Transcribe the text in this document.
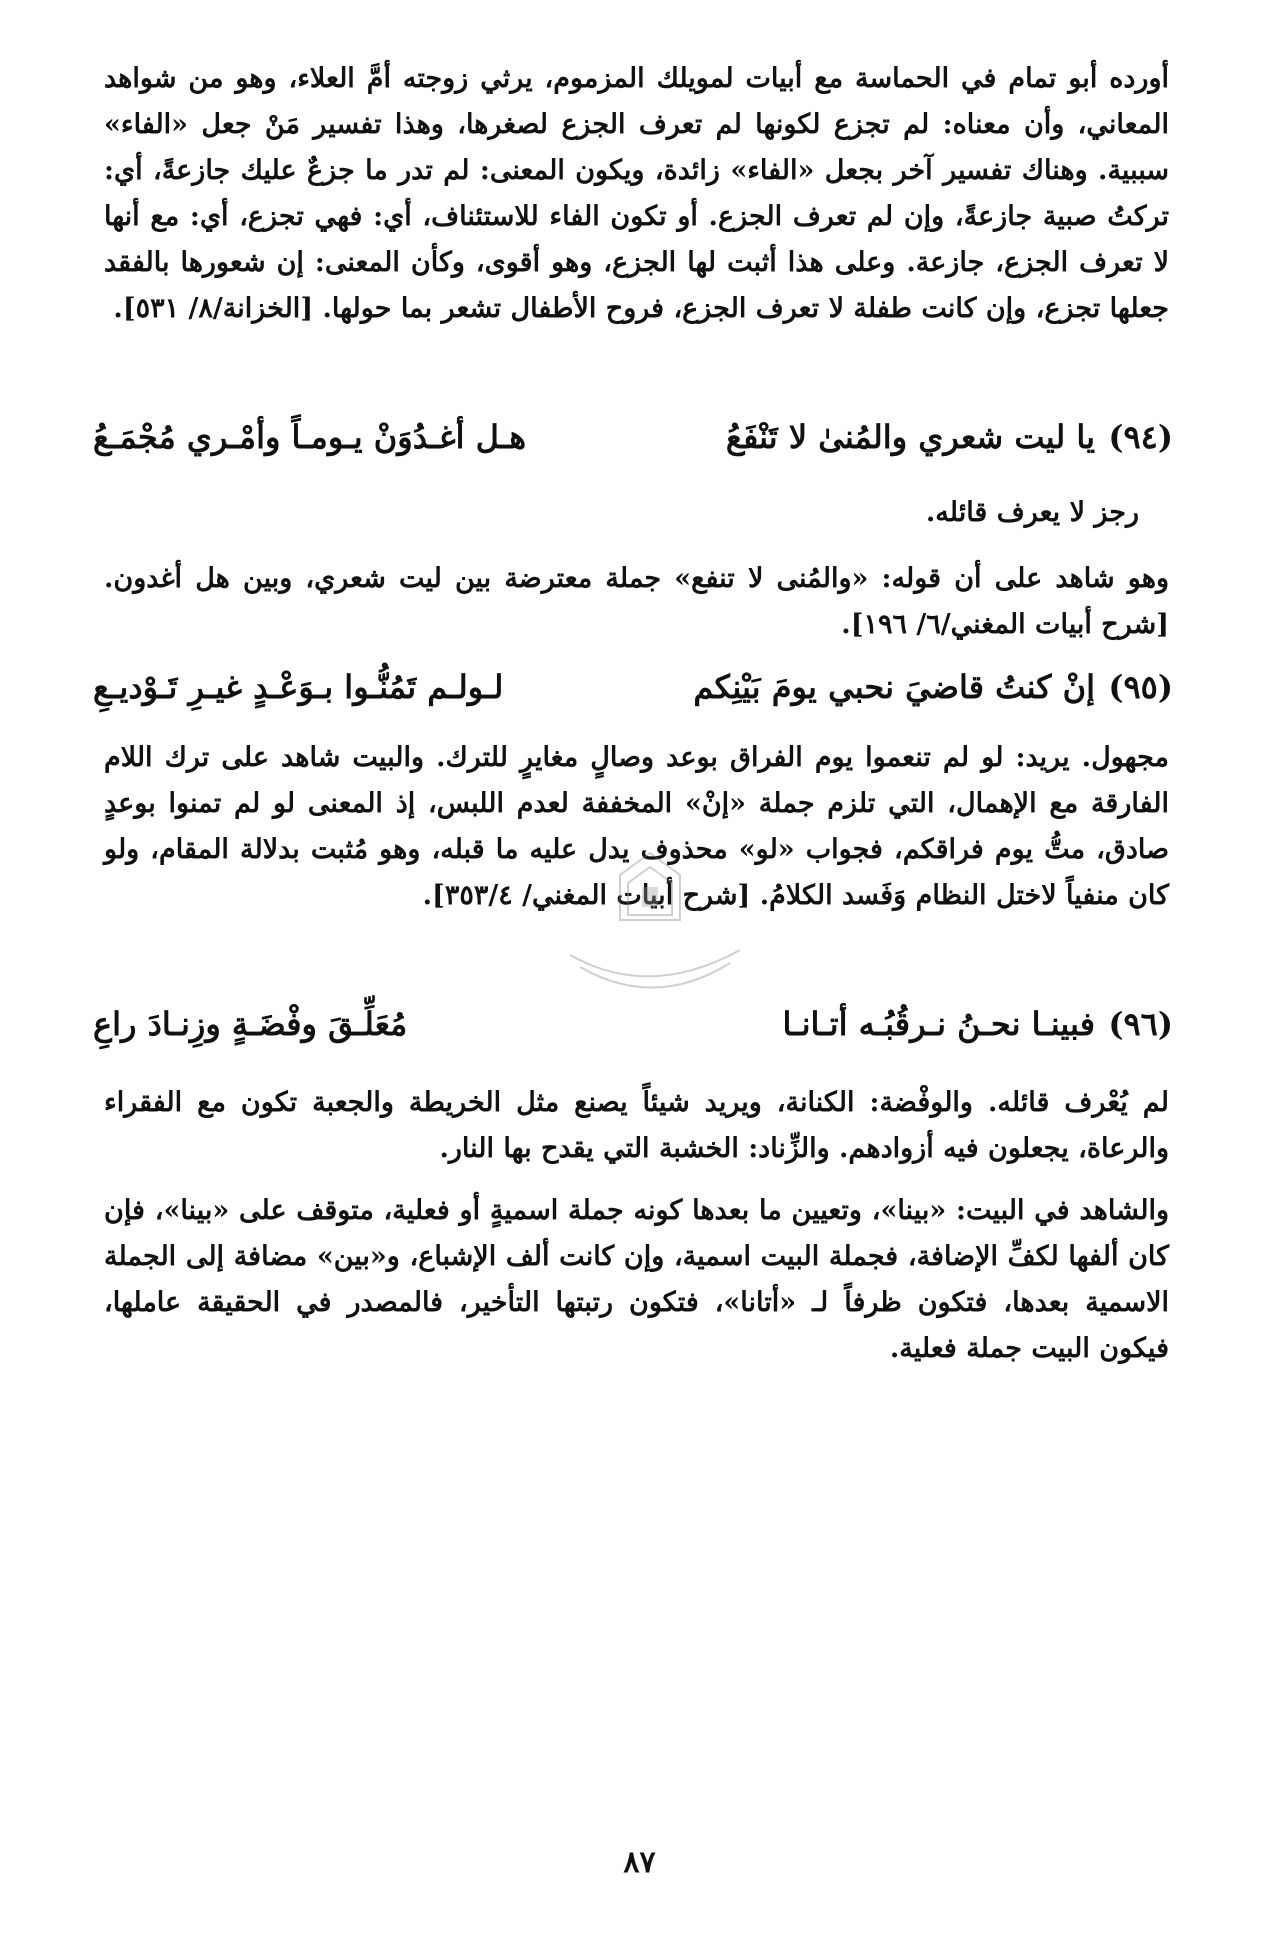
أورده أبو تمام في الحماسة مع أبيات لمويلك المزموم، يرثي زوجته أمَّ العلاء، وهو من شواهد المعاني، وأن معناه: لم تجزع لكونها لم تعرف الجزع لصغرها، وهذا تفسير مَنْ جعل «الفاء» سببية. وهناك تفسير آخر بجعل «الفاء» زائدة، ويكون المعنى: لم تدر ما جزعٌ عليك جازعةً، أي: تركتُ صبية جازعةً، وإن لم تعرف الجزع. أو تكون الفاء للاستئناف، أي: فهي تجزع، أي: مع أنها لا تعرف الجزع، جازعة. وعلى هذا أثبت لها الجزع، وهو أقوى، وكأن المعنى: إن شعورها بالفقد جعلها تجزع، وإن كانت طفلة لا تعرف الجزع، فروح الأطفال تشعر بما حولها. [الخزانة/٨/ ٥٣١].
(٩٤)
يا ليت شعري والمُنىٰ لا تَنْفَعُ
هـل أغـدُوَنْ يـومـاً وأمْـري مُجْمَـعُ
رجز لا يعرف قائله.
وهو شاهد على أن قوله: «والمُنى لا تنفع» جملة معترضة بين ليت شعري، وبين هل أغدون. [شرح أبيات المغني/٦/ ١٩٦].
(٩٥)
إنْ كنتُ قاضيَ نحبي يومَ بَيْنِكم
لـولـم تَمُنُّـوا بـوَعْـدٍ غيـرِ تَـوْديـعِ
مجهول. يريد: لو لم تنعموا يوم الفراق بوعد وصالٍ مغايرٍ للترك. والبيت شاهد على ترك اللام الفارقة مع الإهمال، التي تلزم جملة «إنْ» المخففة لعدم اللبس، إذ المعنى لو لم تمنوا بوعدٍ صادق، متُّ يوم فراقكم، فجواب «لو» محذوف يدل عليه ما قبله، وهو مُثبت بدلالة المقام، ولو كان منفياً لاختل النظام وَفَسد الكلامُ. [شرح أبيات المغني/ ٣٥٣/٤].
(٩٦)
فبينـا نحـنُ نـرقُبُـه أتـانـا
مُعَلِّـقَ وفْضَـةٍ وزِنـادَ راعِ
لم يُعْرف قائله. والوفْضة: الكنانة، ويريد شيئاً يصنع مثل الخريطة والجعبة تكون مع الفقراء والرعاة، يجعلون فيه أزوادهم. والزِّناد: الخشبة التي يقدح بها النار.
والشاهد في البيت: «بينا»، وتعيين ما بعدها كونه جملة اسميةٍ أو فعلية، متوقف على «بينا»، فإن كان ألفها لكفِّ الإضافة، فجملة البيت اسمية، وإن كانت ألف الإشباع، و«بين» مضافة إلى الجملة الاسمية بعدها، فتكون ظرفاً لـ «أتانا»، فتكون رتبتها التأخير، فالمصدر في الحقيقة عاملها، فيكون البيت جملة فعلية.
٨٧
